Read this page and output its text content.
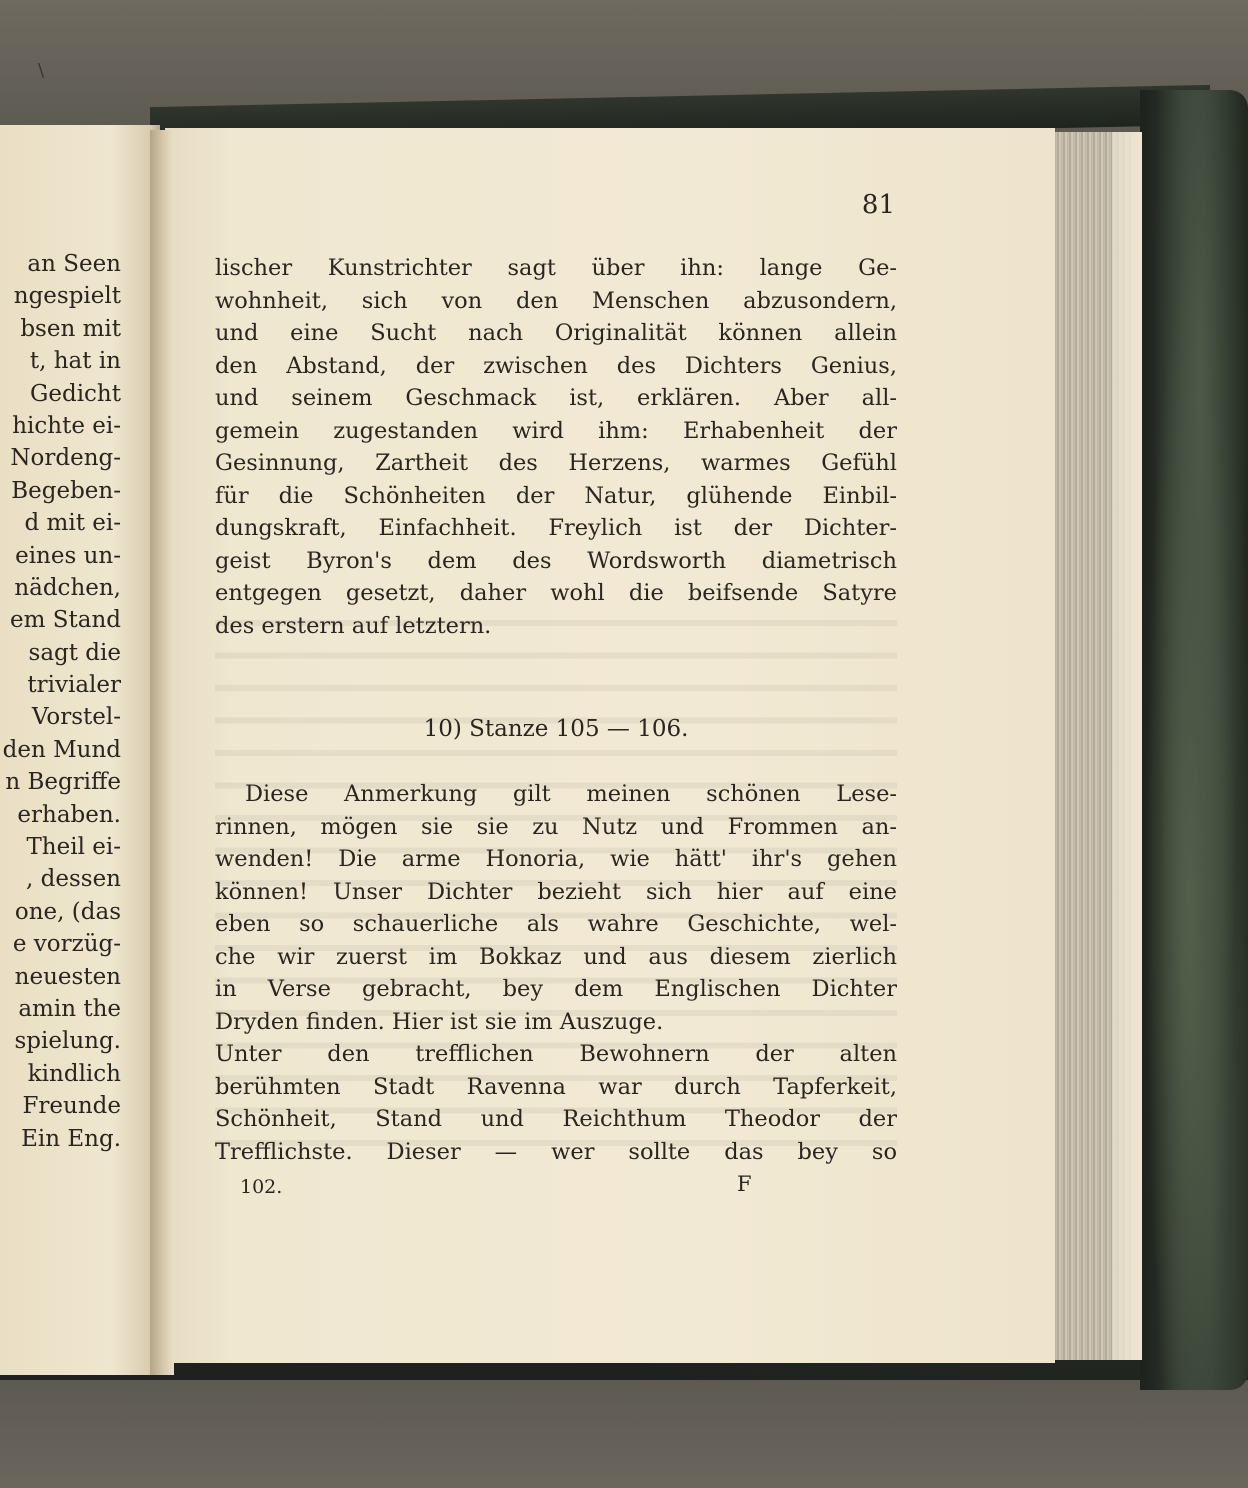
\
an Seen
ngespielt
bsen mit
t, hat in
Gedicht
hichte ei-
Nordeng-
Begeben-
d mit ei-
eines un-
nädchen,
em Stand
sagt die
trivialer
Vorstel-
den Mund
n Begriffe
erhaben.
Theil ei-
, dessen
one, (das
e vorzüg-
neuesten
amin the
spielung.
kindlich
Freunde
Ein Eng.
81
lischer Kunstrichter sagt über ihn: lange Ge-
wohnheit, sich von den Menschen abzusondern,
und eine Sucht nach Originalität können allein
den Abstand, der zwischen des Dichters Genius,
und seinem Geschmack ist, erklären. Aber all-
gemein zugestanden wird ihm: Erhabenheit der
Gesinnung, Zartheit des Herzens, warmes Gefühl
für die Schönheiten der Natur, glühende Einbil-
dungskraft, Einfachheit. Freylich ist der Dichter-
geist Byron's dem des Wordsworth diametrisch
entgegen gesetzt, daher wohl die beifsende Satyre
des erstern auf letztern.
10) Stanze 105 — 106.
Diese Anmerkung gilt meinen schönen Lese-
rinnen, mögen sie sie zu Nutz und Frommen an-
wenden! Die arme Honoria, wie hätt' ihr's gehen
können! Unser Dichter bezieht sich hier auf eine
eben so schauerliche als wahre Geschichte, wel-
che wir zuerst im Bokkaz und aus diesem zierlich
in Verse gebracht, bey dem Englischen Dichter
Dryden finden. Hier ist sie im Auszuge.
Unter den trefflichen Bewohnern der alten
berühmten Stadt Ravenna war durch Tapferkeit,
Schönheit, Stand und Reichthum Theodor der
Trefflichste. Dieser — wer sollte das bey so
102.	F
